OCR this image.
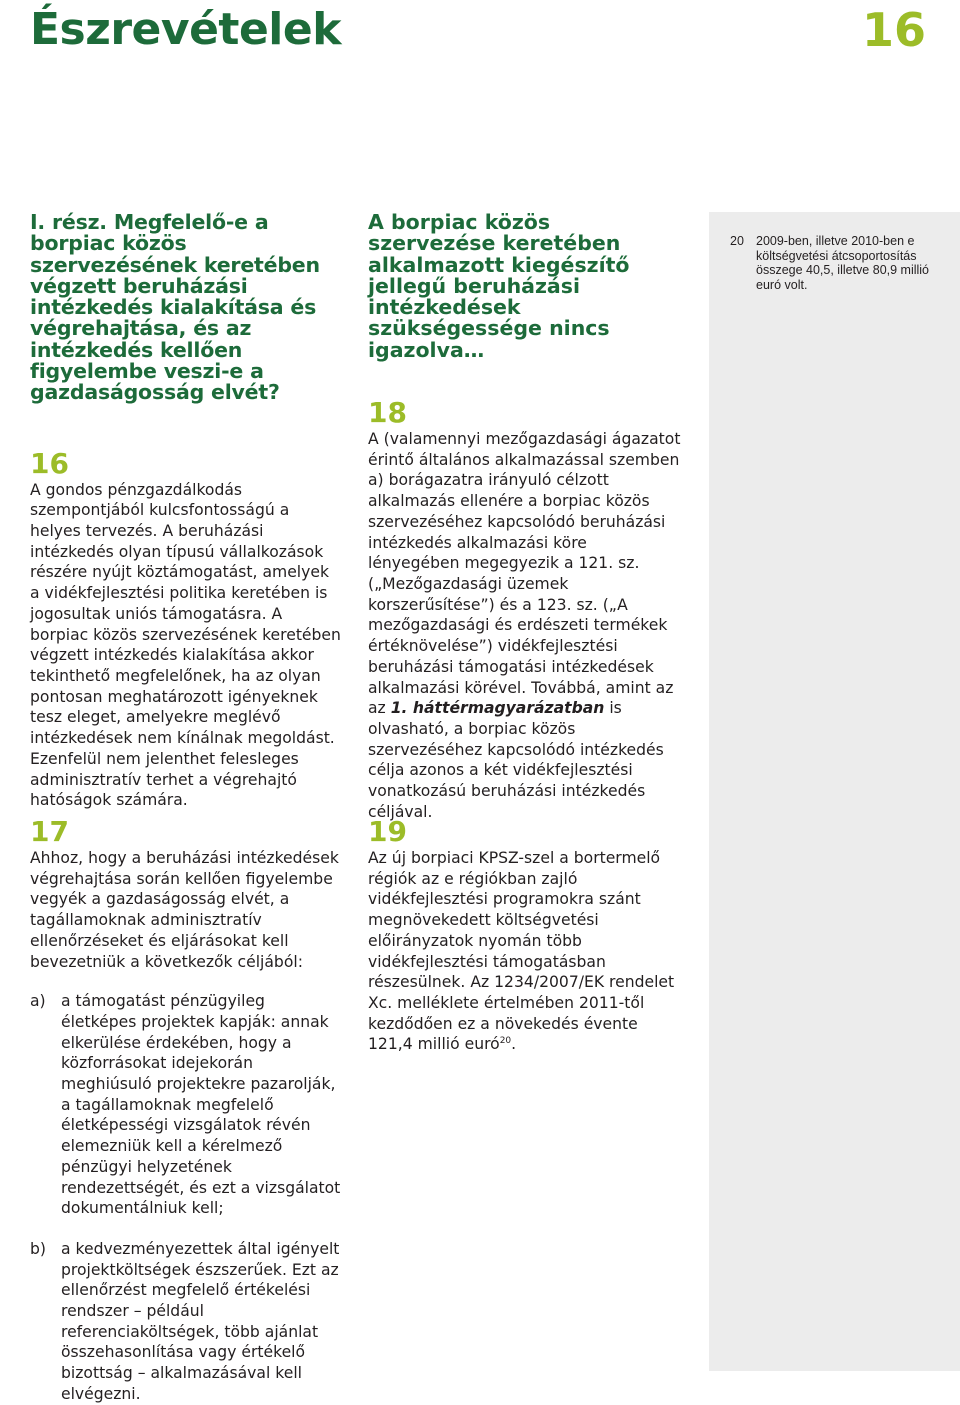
Észrevételek	16
I. rész. Megfelelő-e a borpiac közös szervezésének keretében végzett beruházási intézkedés kialakítása és végrehajtása, és az intézkedés kellően figyelembe veszi-e a gazdaságosság elvét?
16

A gondos pénzgazdálkodás szempontjából kulcsfontosságú a helyes tervezés. A beruházási intézkedés olyan típusú vállalkozások részére nyújt köztámogatást, amelyek a vidékfejlesztési politika keretében is jogosultak uniós támogatásra. A borpiac közös szervezésének keretében végzett intézkedés kialakítása akkor tekinthető megfelelőnek, ha az olyan pontosan meghatározott igényeknek tesz eleget, amelyekre meglévő intézkedések nem kínálnak megoldást. Ezenfelül nem jelenthet felesleges adminisztratív terhet a végrehajtó hatóságok számára.

A borpiac közös szervezése keretében alkalmazott kiegészítő jellegű beruházási intézkedések szükségessége nincs igazolva…
18

A (valamennyi mezőgazdasági ágazatot érintő általános alkalmazással szemben a) borágazatra irányuló célzott alkalmazás ellenére a borpiac közös szervezéséhez kapcsolódó beruházási intézkedés alkalmazási köre lényegében megegyezik a 121. sz. („Mezőgazdasági üzemek korszerűsítése”) és a 123. sz. („A mezőgazdasági és erdészeti termékek értéknövelése”) vidékfejlesztési beruházási támogatási intézkedések alkalmazási körével. Továbbá, amint az az 1. háttérmagyarázatban is olvasható, a borpiac közös szervezéséhez kapcsolódó intézkedés célja azonos a két vidékfejlesztési vonatkozású beruházási intézkedés céljával.

20 2009-ben, illetve 2010-ben e költségvetési átcsoportosítás összege 40,5, illetve 80,9 millió euró volt.
17

Ahhoz, hogy a beruházási intézkedések végrehajtása során kellően figyelembe vegyék a gazdaságosság elvét, a tagállamoknak adminisztratív ellenőrzéseket és eljárásokat kell bevezetniük a következők céljából:

a) a támogatást pénzügyileg életképes projektek kapják: annak elkerülése érdekében, hogy a közforrásokat idejekorán meghiúsuló projektekre pazarolják, a tagállamoknak megfelelő életképességi vizsgálatok révén elemezniük kell a kérelmező pénzügyi helyzetének rendezettségét, és ezt a vizsgálatot dokumentálniuk kell;
b) a kedvezményezettek által igényelt projektköltségek észszerűek. Ezt az ellenőrzést megfelelő értékelési rendszer – például referenciaköltségek, több ajánlat összehasonlítása vagy értékelő bizottság – alkalmazásával kell elvégezni.
19

Az új borpiaci KPSZ-szel a bortermelő régiók az e régiókban zajló vidékfejlesztési programokra szánt megnövekedett költségvetési előirányzatok nyomán több vidékfejlesztési támogatásban részesülnek. Az 1234/2007/EK rendelet Xc. melléklete értelmében 2011-től kezdődően ez a növekedés évente 121,4 millió euró$^{20}$.
